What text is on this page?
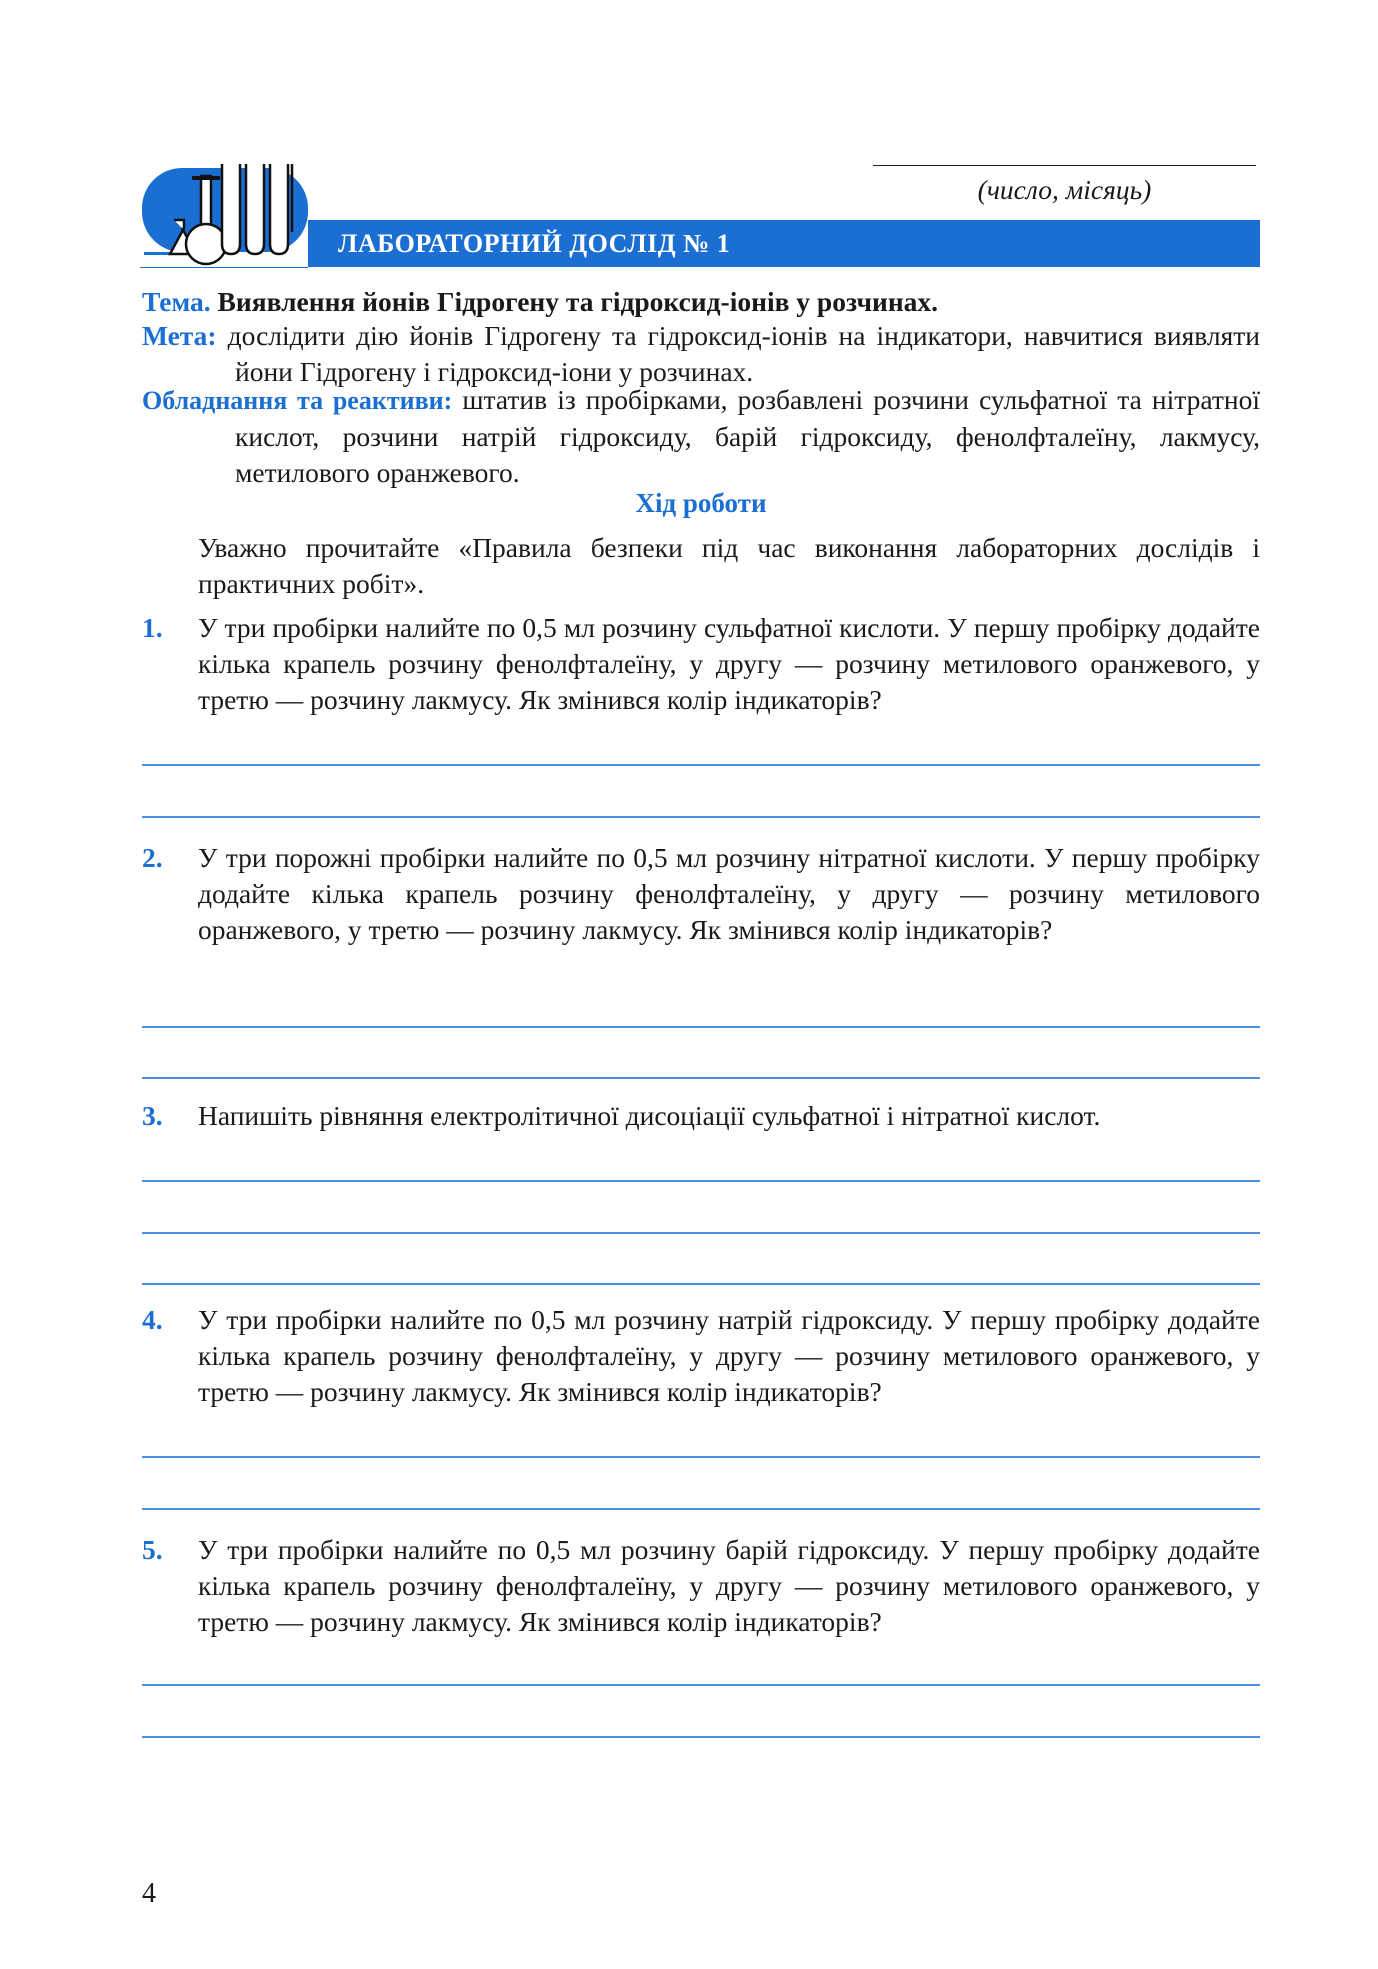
(число, місяць)
ЛАБОРАТОРНИЙ ДОСЛІД № 1
Тема. Виявлення йонів Гідрогену та гідроксид-іонів у розчинах.
Мета: дослідити дію йонів Гідрогену та гідроксид-іонів на індикатори, навчитися виявляти йони Гідрогену і гідроксид-іони у розчинах.
Обладнання та реактиви: штатив із пробірками, розбавлені розчини сульфатної та нітратної кислот, розчини натрій гідроксиду, барій гідроксиду, фенолфталеїну, лакмусу, метилового оранжевого.
Хід роботи
Уважно прочитайте «Правила безпеки під час виконання лабораторних дослідів і практичних робіт».
1.	У три пробірки налийте по 0,5 мл розчину сульфатної кислоти. У першу пробірку додайте кілька крапель розчину фенолфталеїну, у другу — розчину метилового оранжевого, у третю — розчину лакмусу. Як змінився колір індикаторів?
2.	У три порожні пробірки налийте по 0,5 мл розчину нітратної кислоти. У першу пробірку додайте кілька крапель розчину фенолфталеїну, у другу — розчину метилового оранжевого, у третю — розчину лакмусу. Як змінився колір індикаторів?
3.	Напишіть рівняння електролітичної дисоціації сульфатної і нітратної кислот.
4.	У три пробірки налийте по 0,5 мл розчину натрій гідроксиду. У першу пробірку додайте кілька крапель розчину фенолфталеїну, у другу — розчину метилового оранжевого, у третю — розчину лакмусу. Як змінився колір індикаторів?
5.	У три пробірки налийте по 0,5 мл розчину барій гідроксиду. У першу пробірку додайте кілька крапель розчину фенолфталеїну, у другу — розчину метилового оранжевого, у третю — розчину лакмусу. Як змінився колір індикаторів?
4
